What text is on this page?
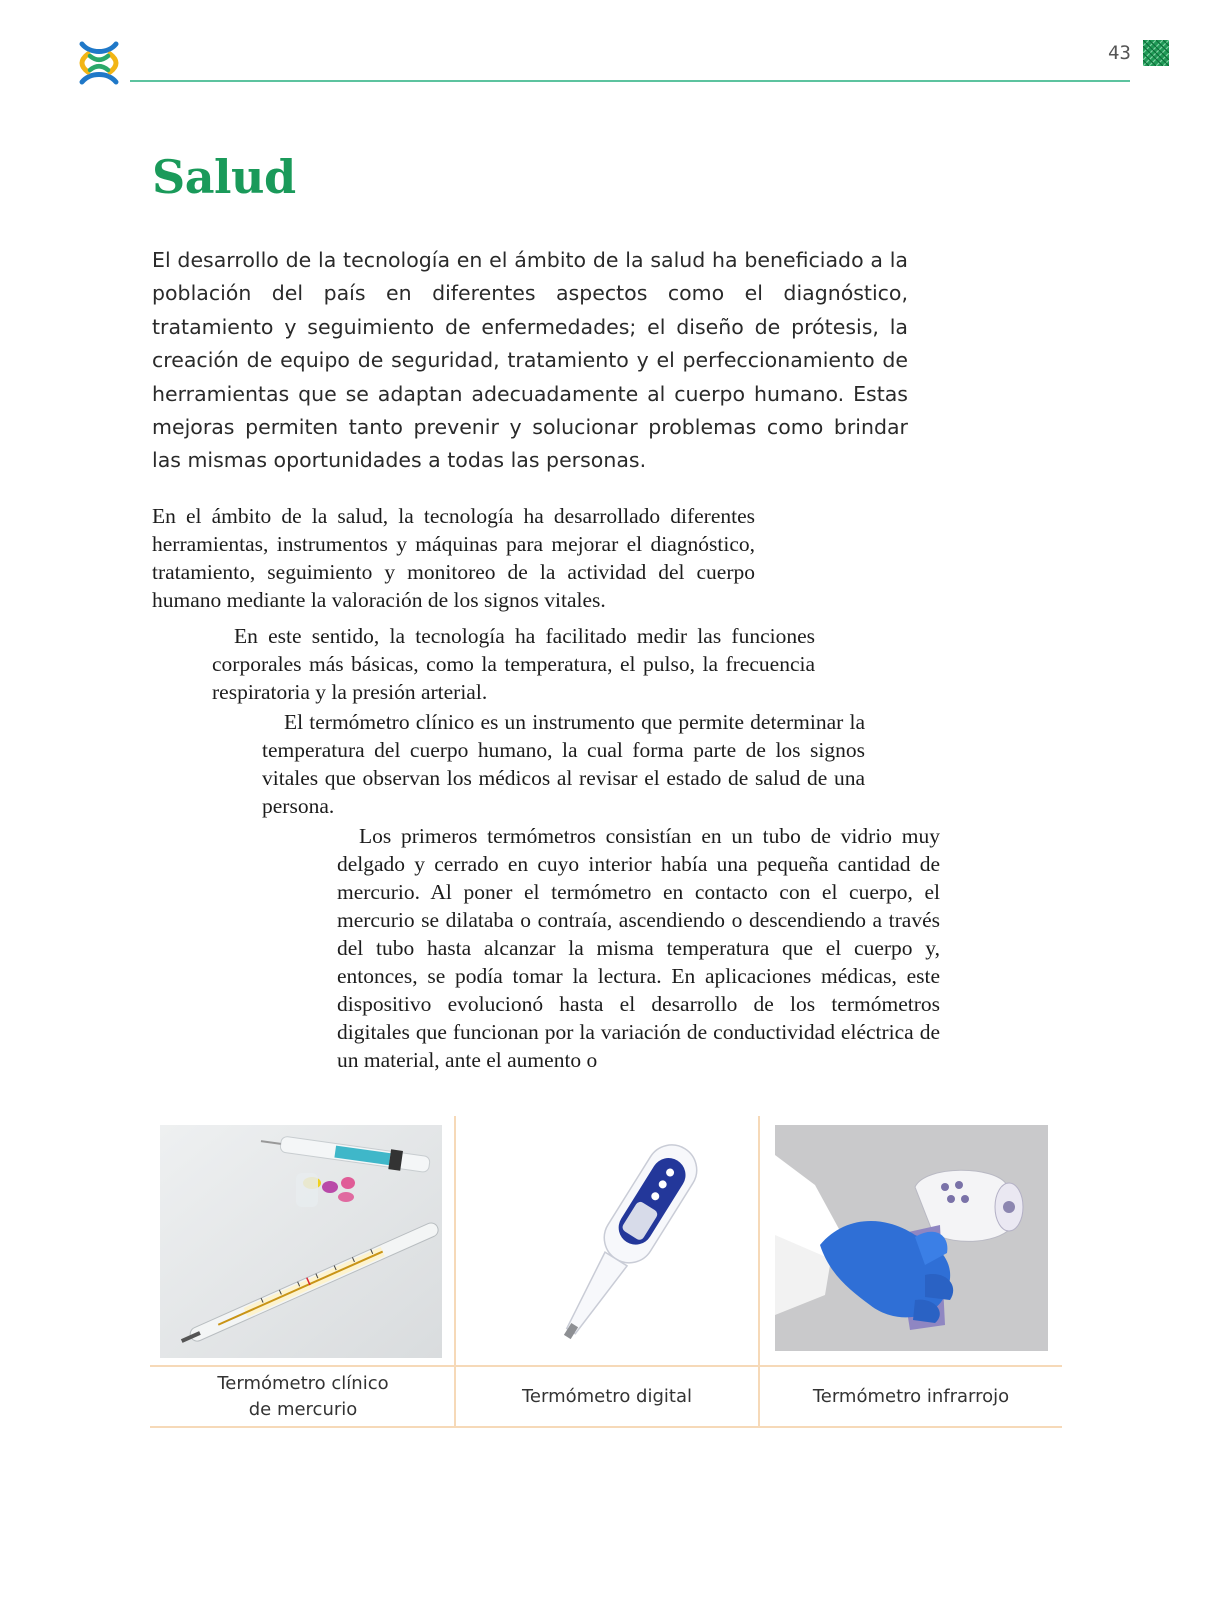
43
Salud

El desarrollo de la tecnología en el ámbito de la salud ha beneficiado a la población del país en diferentes aspectos como el diagnóstico, tratamiento y seguimiento de enfermedades; el diseño de prótesis, la creación de equipo de seguridad, tratamiento y el perfeccionamiento de herramientas que se adaptan adecuadamente al cuerpo humano. Estas mejoras permiten tanto prevenir y solucionar problemas como brindar las mismas oportunidades a todas las personas.

En el ámbito de la salud, la tecnología ha desarrollado diferentes herramientas, instrumentos y máquinas para mejorar el diagnóstico, tratamiento, seguimiento y monitoreo de la actividad del cuerpo humano mediante la valoración de los signos vitales.

En este sentido, la tecnología ha facilitado medir las funciones corporales más básicas, como la temperatura, el pulso, la frecuencia respiratoria y la presión arterial.

El termómetro clínico es un instrumento que permite determinar la temperatura del cuerpo humano, la cual forma parte de los signos vitales que observan los médicos al revisar el estado de salud de una persona.

Los primeros termómetros consistían en un tubo de vidrio muy delgado y cerrado en cuyo interior había una pequeña cantidad de mercurio. Al poner el termómetro en contacto con el cuerpo, el mercurio se dilataba o contraía, ascendiendo o descendiendo a través del tubo hasta alcanzar la misma temperatura que el cuerpo y, entonces, se podía tomar la lectura. En aplicaciones médicas, este dispositivo evolucionó hasta el desarrollo de los termómetros digitales que funcionan por la variación de conductividad eléctrica de un material, ante el aumento o

Termómetro clínico de mercurio
Termómetro digital	Termómetro infrarrojo
